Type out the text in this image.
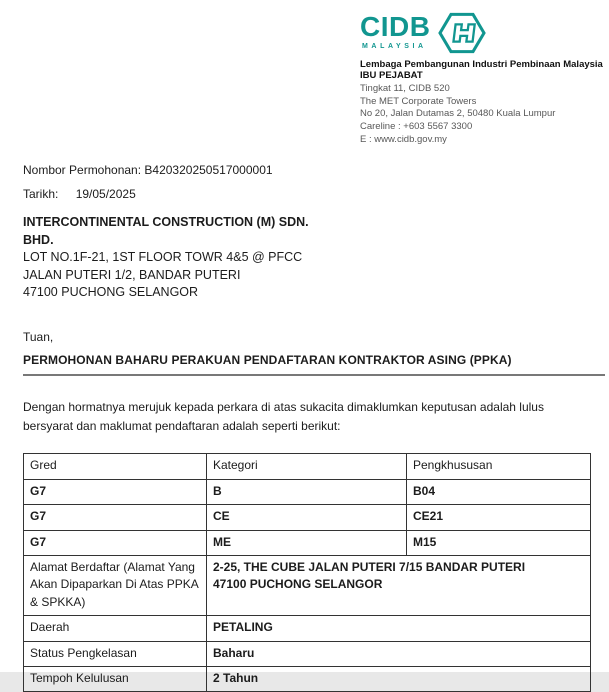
CIDB
MALAYSIA
Lembaga Pembangunan Industri Pembinaan Malaysia
IBU PEJABAT
Tingkat 11, CIDB 520
The MET Corporate Towers
No 20, Jalan Dutamas 2, 50480 Kuala Lumpur
Careline : +603 5567 3300
E : www.cidb.gov.my
Nombor Permohonan: B420320250517000001
Tarikh: 19/05/2025
INTERCONTINENTAL CONSTRUCTION (M) SDN.
BHD.
LOT NO.1F-21, 1ST FLOOR TOWR 4&5 @ PFCC
JALAN PUTERI 1/2, BANDAR PUTERI
47100 PUCHONG SELANGOR
Tuan,
PERMOHONAN BAHARU PERAKUAN PENDAFTARAN KONTRAKTOR ASING (PPKA)
Dengan hormatnya merujuk kepada perkara di atas sukacita dimaklumkan keputusan adalah lulus bersyarat dan maklumat pendaftaran adalah seperti berikut:
Gred	Kategori	Pengkhususan
G7	B	B04
G7	CE	CE21
G7	ME	M15
Alamat Berdaftar (Alamat Yang Akan Dipaparkan Di Atas PPKA & SPKKA)	2-25, THE CUBE JALAN PUTERI 7/15 BANDAR PUTERI
47100 PUCHONG SELANGOR	

Daerah	PETALING	
Status Pengkelasan	Baharu	
Tempoh Kelulusan	2 Tahun	
